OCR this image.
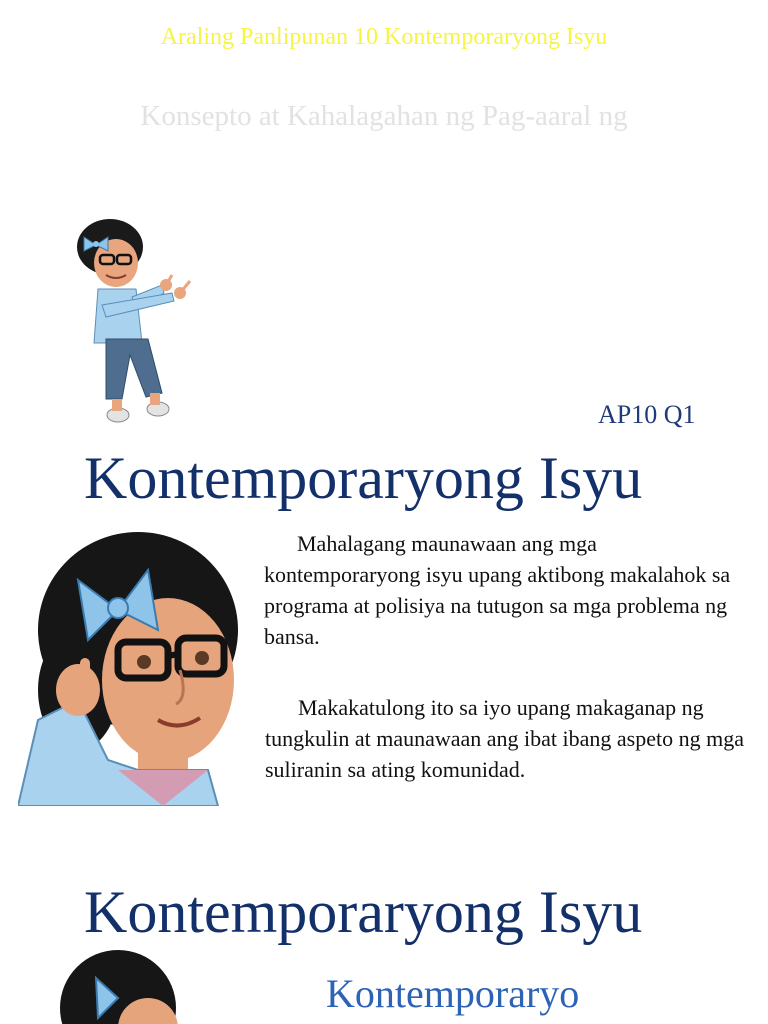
Araling Panlipunan 10 Kontemporaryong Isyu
Konsepto at Kahalagahan ng Pag-aaral ng
AP10 Q1
Kontemporaryong Isyu
Mahalagang maunawaan ang mga kontemporaryong isyu upang aktibong makalahok sa programa at polisiya na tutugon sa mga problema ng bansa.
Makakatulong ito sa iyo upang makaganap ng tungkulin at maunawaan ang ibat ibang aspeto ng mga suliranin sa ating komunidad.
Kontemporaryong Isyu
Kontemporaryo
